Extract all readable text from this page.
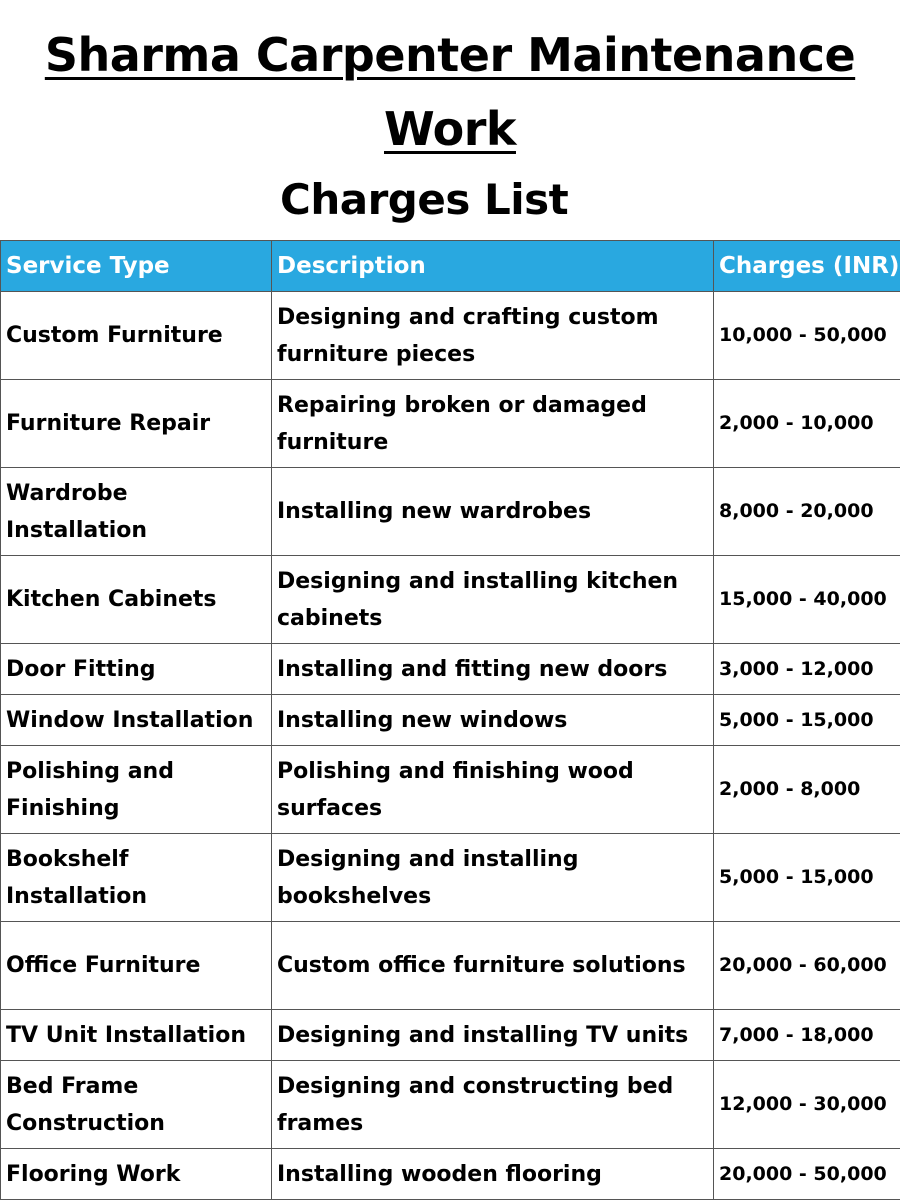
Sharma Carpenter Maintenance Work
Charges List
Service Type	Description	Charges (INR)
Custom Furniture	Designing and crafting custom furniture pieces	10,000 - 50,000
Furniture Repair	Repairing broken or damaged furniture	2,000 - 10,000
Wardrobe Installation	Installing new wardrobes	8,000 - 20,000
Kitchen Cabinets	Designing and installing kitchen cabinets	15,000 - 40,000
Door Fitting	Installing and fitting new doors	3,000 - 12,000
Window Installation	Installing new windows	5,000 - 15,000
Polishing and Finishing	Polishing and finishing wood surfaces	2,000 - 8,000
Bookshelf Installation	Designing and installing bookshelves	5,000 - 15,000
Office Furniture	Custom office furniture solutions	20,000 - 60,000
TV Unit Installation	Designing and installing TV units	7,000 - 18,000
Bed Frame Construction	Designing and constructing bed frames	12,000 - 30,000
Flooring Work	Installing wooden flooring	20,000 - 50,000
